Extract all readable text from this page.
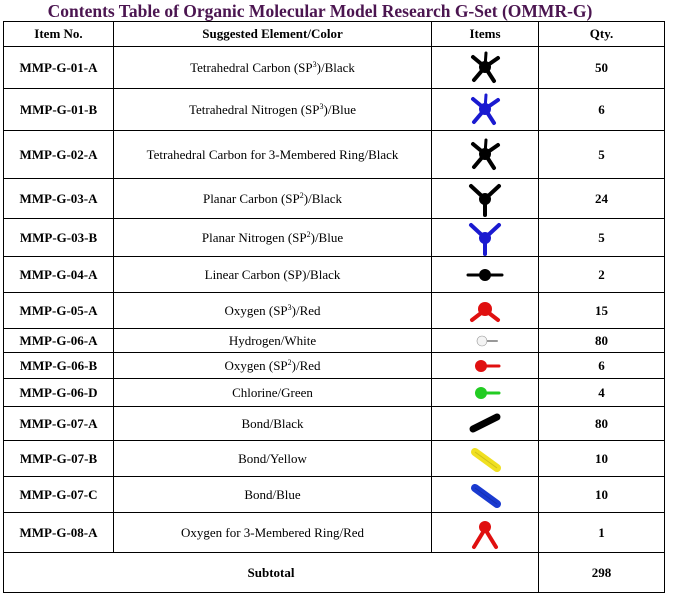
Contents Table of Organic Molecular Model Research G-Set (OMMR-G)
Item No.	Suggested Element/Color	Items	Qty.
MMP-G-01-A	Tetrahedral Carbon $(SP^3)$/Black		50
MMP-G-01-B	Tetrahedral Nitrogen $(SP^3)$/Blue		6
MMP-G-02-A	Tetrahedral Carbon for 3-Membered Ring/Black		5
MMP-G-03-A	Planar Carbon $(SP^2)$/Black		24
MMP-G-03-B	Planar Nitrogen $(SP^2)$/Blue		5
MMP-G-04-A	Linear Carbon (SP)/Black		2
MMP-G-05-A	Oxygen $(SP^3)$/Red		15
MMP-G-06-A	Hydrogen/White		80
MMP-G-06-B	Oxygen $(SP^2)$/Red		6
MMP-G-06-D	Chlorine/Green		4
MMP-G-07-A	Bond/Black		80
MMP-G-07-B	Bond/Yellow		10
MMP-G-07-C	Bond/Blue		10
MMP-G-08-A	Oxygen for 3-Membered Ring/Red		1
Subtotal			298
